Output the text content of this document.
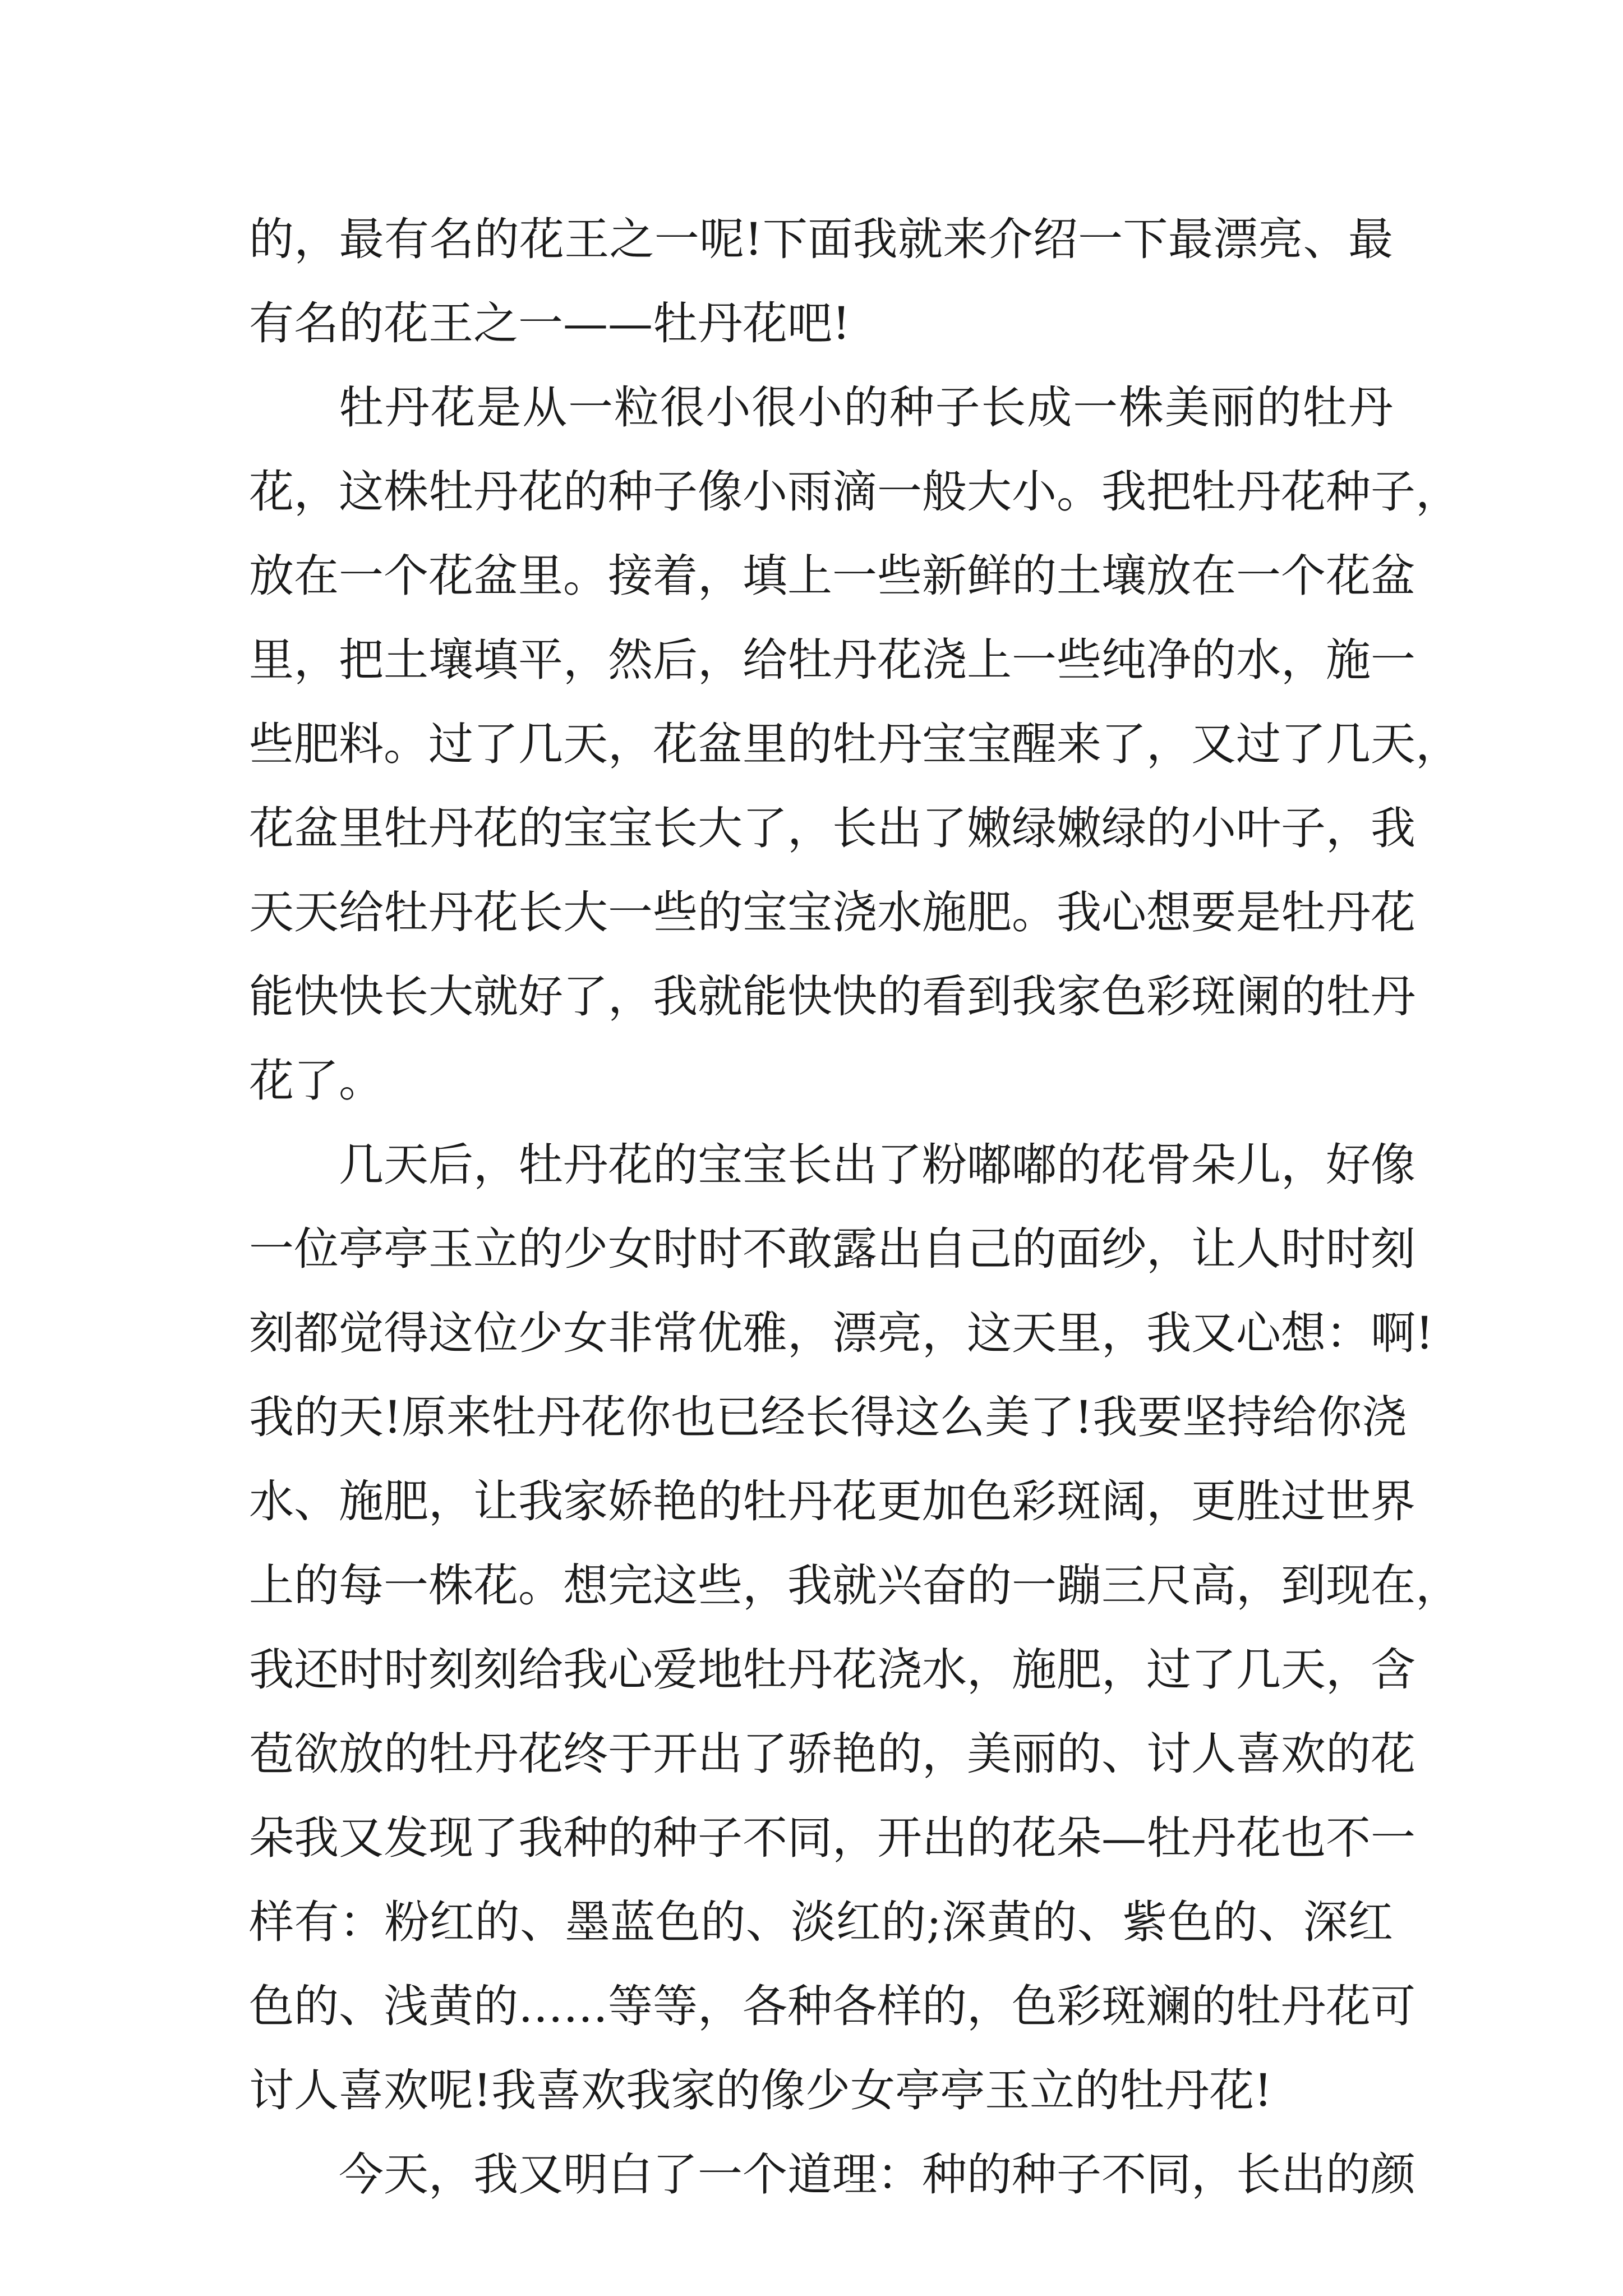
的，最有名的花王之一呢!下面我就来介绍一下最漂亮、最
有名的花王之一——牡丹花吧!
牡丹花是从一粒很小很小的种子长成一株美丽的牡丹
花，这株牡丹花的种子像小雨滴一般大小。我把牡丹花种子，
放在一个花盆里。接着，填上一些新鲜的土壤放在一个花盆
里，把土壤填平，然后，给牡丹花浇上一些纯净的水，施一
些肥料。过了几天，花盆里的牡丹宝宝醒来了，又过了几天，
花盆里牡丹花的宝宝长大了，长出了嫩绿嫩绿的小叶子，我
天天给牡丹花长大一些的宝宝浇水施肥。我心想要是牡丹花
能快快长大就好了，我就能快快的看到我家色彩斑阑的牡丹
花了。
几天后，牡丹花的宝宝长出了粉嘟嘟的花骨朵儿，好像
一位亭亭玉立的少女时时不敢露出自己的面纱，让人时时刻
刻都觉得这位少女非常优雅，漂亮，这天里，我又心想：啊!
我的天!原来牡丹花你也已经长得这么美了!我要坚持给你浇
水、施肥，让我家娇艳的牡丹花更加色彩斑阔，更胜过世界
上的每一株花。想完这些，我就兴奋的一蹦三尺高，到现在，
我还时时刻刻给我心爱地牡丹花浇水，施肥，过了几天，含
苞欲放的牡丹花终于开出了骄艳的，美丽的、讨人喜欢的花
朵我又发现了我种的种子不同，开出的花朵—牡丹花也不一
样有：粉红的、墨蓝色的、淡红的;深黄的、紫色的、深红
色的、浅黄的……等等，各种各样的，色彩斑斓的牡丹花可
讨人喜欢呢!我喜欢我家的像少女亭亭玉立的牡丹花!
今天，我又明白了一个道理：种的种子不同，长出的颜
